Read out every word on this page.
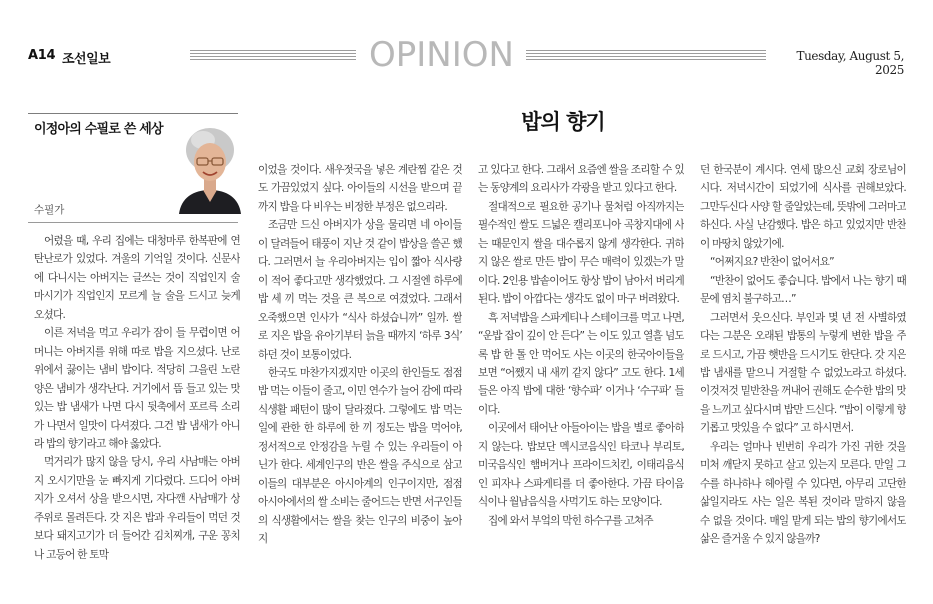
A14 조선일보	OPINION	Tuesday, August 5, 2025
이정아의 수필로 쓴 세상	밥의 향기
수필가

어렸을 때, 우리 집에는 대청마루 한복판에 연탄난로가 있었다. 겨울의 기억일 것이다. 신문사에 다니시는 아버지는 글쓰는 것이 직업인지 술 마시기가 직업인지 모르게 늘 술을 드시고 늦게 오셨다.

이른 저녁을 먹고 우리가 잠이 들 무렵이면 어머니는 아버지를 위해 따로 밥을 지으셨다. 난로 위에서 끓이는 냄비 밥이다. 적당히 그을린 노란 양은 냄비가 생각난다. 거기에서 뜸 들고 있는 맛있는 밥 냄새가 나면 다시 뒷축에서 포르륵 소리가 나면서 일맛이 다셔졌다. 그건 밥 냄새가 아니라 밥의 향기라고 해야 옳았다.

먹거리가 많지 않을 당시, 우리 사남매는 아버지 오시기만을 눈 빠지게 기다렸다. 드디어 아버지가 오셔서 상을 받으시면, 자다깬 사남매가 상 주위로 몰려든다. 갓 지은 밥과 우리들이 먹던 것보다 돼지고기가 더 들어간 김치찌개, 구운 꽁치나 고등어 한 토막

이었을 것이다. 새우젓국을 넣은 계란찜 같은 것도 가끔있었지 싶다. 아이들의 시선을 받으며 끝까지 밥을 다 비우는 비정한 부정은 없으리라.

조금만 드신 아버지가 상을 물리면 네 아이들이 달려들어 태풍이 지난 것 같이 밥상을 쓸곤 했다. 그러면서 늘 우리아버지는 입이 짧아 식사량이 적어 좋다고만 생각했었다. 그 시절엔 하루에 밥 세 끼 먹는 것을 큰 복으로 여겼었다. 그래서 오죽했으면 인사가 “식사 하셨습니까” 일까. 쌀로 지은 밥을 유아기부터 늙을 때까지 ‘하루 3식’ 하던 것이 보통이었다.

한국도 마찬가지겠지만 이곳의 한인들도 점점 밥 먹는 이들이 줄고, 이민 연수가 늘어 감에 따라 식생활 패턴이 많이 달라졌다. 그렇에도 밥 먹는 일에 관한 한 하루에 한 끼 정도는 밥을 먹어야, 정서적으로 안정감을 누릴 수 있는 우리들이 아닌가 한다. 세계인구의 반은 쌀을 주식으로 삼고 이들의 대부분은 아시아계의 인구이지만, 점점 아시아에서의 쌀 소비는 줄어드는 반면 서구인들의 식생활에서는 쌀을 찾는 인구의 비중이 높아지

고 있다고 한다. 그래서 요즘엔 쌀을 조리할 수 있는 동양계의 요리사가 각광을 받고 있다고 한다.

절대적으로 필요한 공기나 물처럼 아직까지는 필수적인 쌀도 드넓은 캘리포니아 곡창지대에 사는 때문인지 쌀을 대수롭지 않게 생각한다. 귀하지 않은 쌀로 만든 밥이 무슨 매력이 있겠는가 말이다. 2인용 밥솥이어도 항상 밥이 남아서 버리게 된다. 밥이 아깝다는 생각도 없이 마구 버려왔다.

흑 저녁밥을 스파게티나 스테이크를 먹고 나면, “운밥 잡이 깊이 안 든다” 는 이도 있고 열흘 넘도록 밥 한 톨 안 먹어도 사는 이곳의 한국아이들을 보면 “어쨌지 내 새끼 같지 않다” 고도 한다. 1세들은 아직 밥에 대한 ‘향수파’ 이거나 ‘수구파’ 들이다.

이곳에서 태어난 아들아이는 밥을 별로 좋아하지 않는다. 밥보단 멕시코음식인 타코나 부리토, 미국음식인 햄버거나 프라이드치킨, 이태리음식인 피자나 스파게티를 더 좋아한다. 가끔 타이음식이나 월남음식을 사먹기도 하는 모양이다.

집에 와서 부엌의 막힌 하수구를 고쳐주

던 한국분이 계시다. 연세 많으신 교회 장로님이시다. 저녁시간이 되었기에 식사를 권해보았다. 그만두신다 사양 할 줄알았는데, 뜻밖에 그러마고 하신다. 사실 난감했다. 밥은 하고 있었지만 반찬이 마땅치 않았기에.

“어쩌지요? 반찬이 없어서요”

“반찬이 없어도 좋습니다. 밥에서 나는 향기 때문에 염치 불구하고…”

그러면서 웃으신다. 부인과 몇 년 전 사별하였다는 그분은 오래된 밥통의 누렇게 변한 밥을 주로 드시고, 가끔 햇반을 드시기도 한단다. 갓 지은 밥 냄새를 맡으니 거절할 수 없었노라고 하셨다. 이것저것 밑반찬을 꺼내어 권해도 순수한 밥의 맛을 느끼고 싶다시며 밥만 드신다. “밥이 이렇게 향기롭고 맛있을 수 없다” 고 하시면서.

우리는 얼마나 빈번히 우리가 가진 귀한 것을 미처 깨닫지 못하고 살고 있는지 모른다. 만일 그 수를 하나하나 헤아릴 수 있다면, 아무리 고단한 삶일지라도 사는 일은 복된 것이라 말하지 않을 수 없을 것이다. 매일 맡게 되는 밥의 향기에서도 삶은 즐거울 수 있지 않을까?
